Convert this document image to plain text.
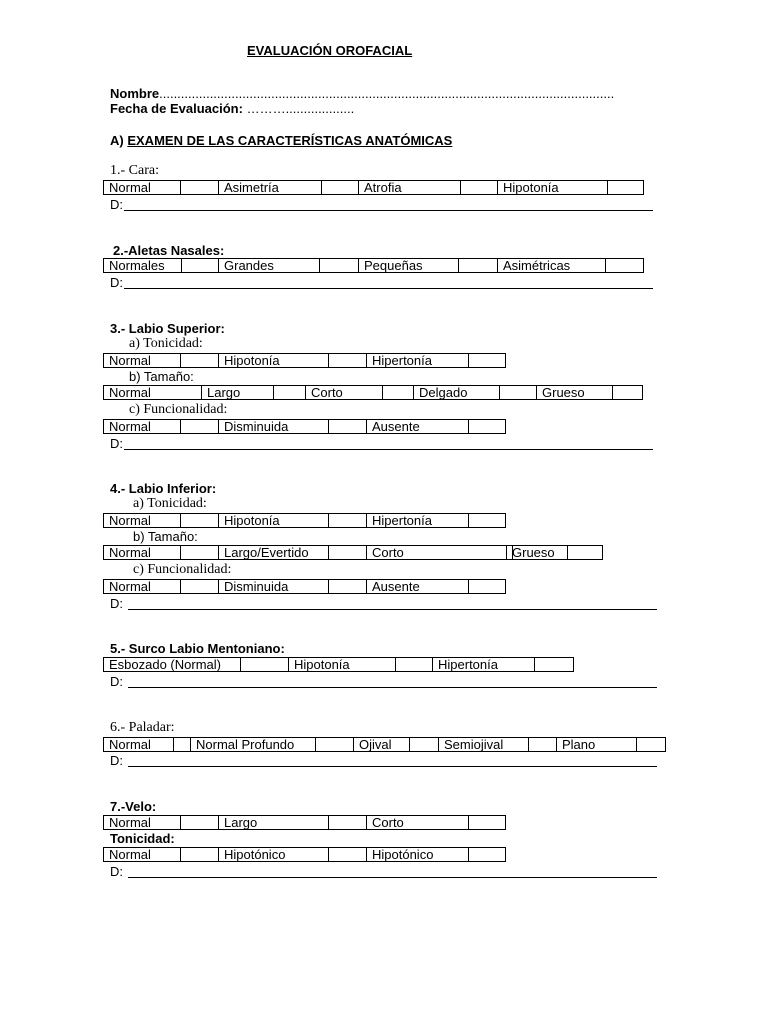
EVALUACIÓN OROFACIAL
Nombre..............................................................................................................................
Fecha de Evaluación: ………...................
A) EXAMEN DE LAS CARACTERÍSTICAS ANATÓMICAS
1.- Cara:
Normal	Asimetría	Atrofia	Hipotonía
D:
2.-Aletas Nasales:
Normales	Grandes	Pequeñas	Asimétricas
D:
3.- Labio Superior:
a) Tonicidad:
Normal	Hipotonía	Hipertonía
b) Tamaño:
Normal	Largo	Corto	Delgado	Grueso
c) Funcionalidad:
Normal	Disminuida	Ausente
D:
4.- Labio Inferior:
a) Tonicidad:
Normal	Hipotonía	Hipertonía
b) Tamaño:
Normal	Largo/Evertido	Corto	Grueso
c) Funcionalidad:
Normal	Disminuida	Ausente
D:
5.- Surco Labio Mentoniano:
Esbozado (Normal)	Hipotonía	Hipertonía
D:
6.- Paladar:
Normal	Normal Profundo	Ojival	Semiojival	Plano
D:
7.-Velo:
Normal	Largo	Corto
Tonicidad:
Normal	Hipotónico	Hipotónico
D:
